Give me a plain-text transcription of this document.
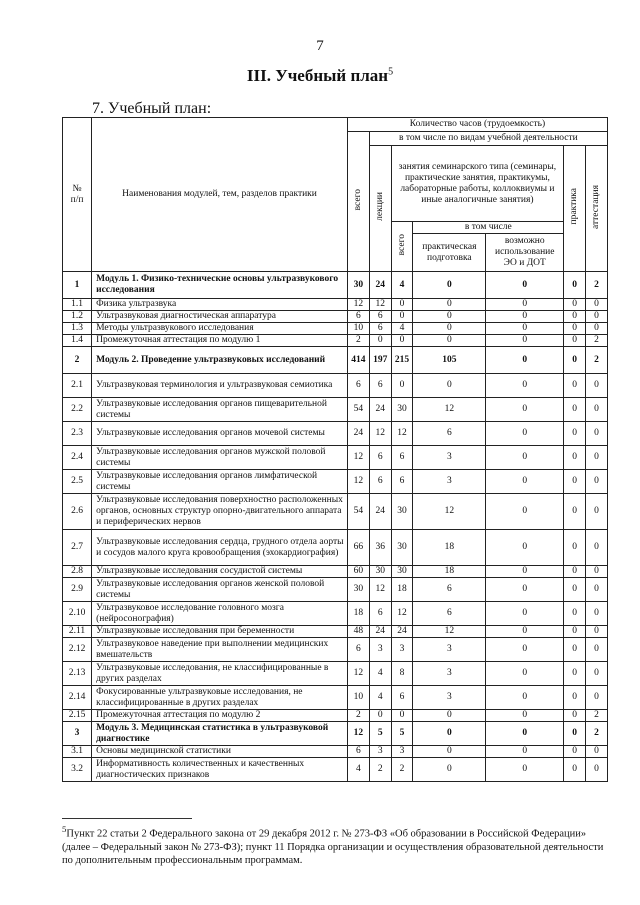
7
III. Учебный план$^5$
7. Учебный план:
№
п/п	Наименования модулей, тем, разделов практики	Количество часов (трудоемкость)						
		всего	в том числе по видам учебной деятельности					
			лекции	занятия семинарского типа (семинары, практические занятия, практикумы, лабораторные работы, коллоквиумы и иные аналогичные занятия)			практика	аттестация
				всего	в том числе			
					практическая подготовка	возможно использование ЭО и ДОТ		
1	Модуль 1. Физико-технические основы ультразвукового исследования	30	24	4	0	0	0	2
1.1	Физика ультразвука	12	12	0	0	0	0	0
1.2	Ультразвуковая диагностическая аппаратура	6	6	0	0	0	0	0
1.3	Методы ультразвукового исследования	10	6	4	0	0	0	0
1.4	Промежуточная аттестация по модулю 1	2	0	0	0	0	0	2
2	Модуль 2. Проведение ультразвуковых исследований	414	197	215	105	0	0	2
2.1	Ультразвуковая терминология и ультразвуковая семиотика	6	6	0	0	0	0	0
2.2	Ультразвуковые исследования органов пищеварительной системы	54	24	30	12	0	0	0
2.3	Ультразвуковые исследования органов мочевой системы	24	12	12	6	0	0	0
2.4	Ультразвуковые исследования органов мужской половой системы	12	6	6	3	0	0	0
2.5	Ультразвуковые исследования органов лимфатической системы	12	6	6	3	0	0	0
2.6	Ультразвуковые исследования поверхностно расположенных органов, основных структур опорно-двигательного аппарата и периферических нервов	54	24	30	12	0	0	0
2.7	Ультразвуковые исследования сердца, грудного отдела аорты и сосудов малого круга кровообращения (эхокардиография)	66	36	30	18	0	0	0
2.8	Ультразвуковые исследования сосудистой системы	60	30	30	18	0	0	0
2.9	Ультразвуковые исследования органов женской половой системы	30	12	18	6	0	0	0
2.10	Ультразвуковое исследование головного мозга (нейросонография)	18	6	12	6	0	0	0
2.11	Ультразвуковые исследования при беременности	48	24	24	12	0	0	0
2.12	Ультразвуковое наведение при выполнении медицинских вмешательств	6	3	3	3	0	0	0
2.13	Ультразвуковые исследования, не классифицированные в других разделах	12	4	8	3	0	0	0
2.14	Фокусированные ультразвуковые исследования, не классифицированные в других разделах	10	4	6	3	0	0	0
2.15	Промежуточная аттестация по модулю 2	2	0	0	0	0	0	2
3	Модуль 3. Медицинская статистика в ультразвуковой диагностике	12	5	5	0	0	0	2
3.1	Основы медицинской статистики	6	3	3	0	0	0	0
3.2	Информативность количественных и качественных диагностических признаков	4	2	2	0	0	0	0
$^5$Пункт 22 статьи 2 Федерального закона от 29 декабря 2012 г. № 273-ФЗ «Об образовании в Российской Федерации» (далее – Федеральный закон № 273-ФЗ); пункт 11 Порядка организации и осуществления образовательной деятельности по дополнительным профессиональным программам.
